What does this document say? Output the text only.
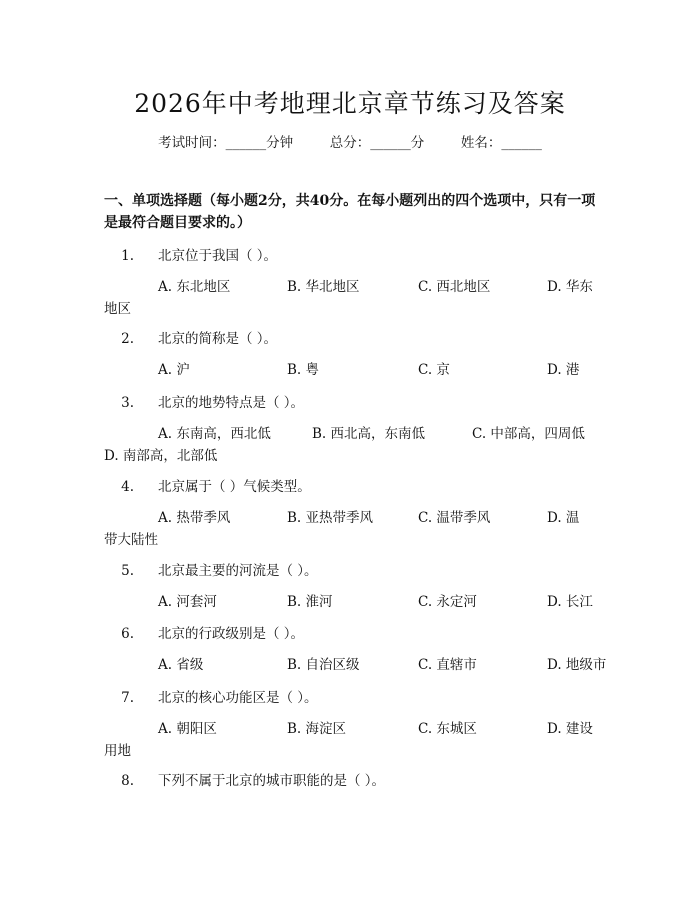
2026年中考地理北京章节练习及答案
考试时间：______分钟	总分：______分	姓名：______
一、单项选择题（每小题2分，共40分。在每小题列出的四个选项中，只有一项
是最符合题目要求的。）
1. 北京位于我国（ ）。
A. 东北地区	B. 华北地区	C. 西北地区	D. 华东
地区
2. 北京的简称是（ ）。
A. 沪	B. 粤	C. 京	D. 港
3. 北京的地势特点是（ ）。
A. 东南高，西北低	B. 西北高，东南低	C. 中部高，四周低
D. 南部高，北部低
4. 北京属于（ ）气候类型。
A. 热带季风	B. 亚热带季风	C. 温带季风	D. 温
带大陆性
5. 北京最主要的河流是（ ）。
A. 河套河	B. 淮河	C. 永定河	D. 长江
6. 北京的行政级别是（ ）。
A. 省级	B. 自治区级	C. 直辖市	D. 地级市
7. 北京的核心功能区是（ ）。
A. 朝阳区	B. 海淀区	C. 东城区	D. 建设
用地
8. 下列不属于北京的城市职能的是（ ）。
